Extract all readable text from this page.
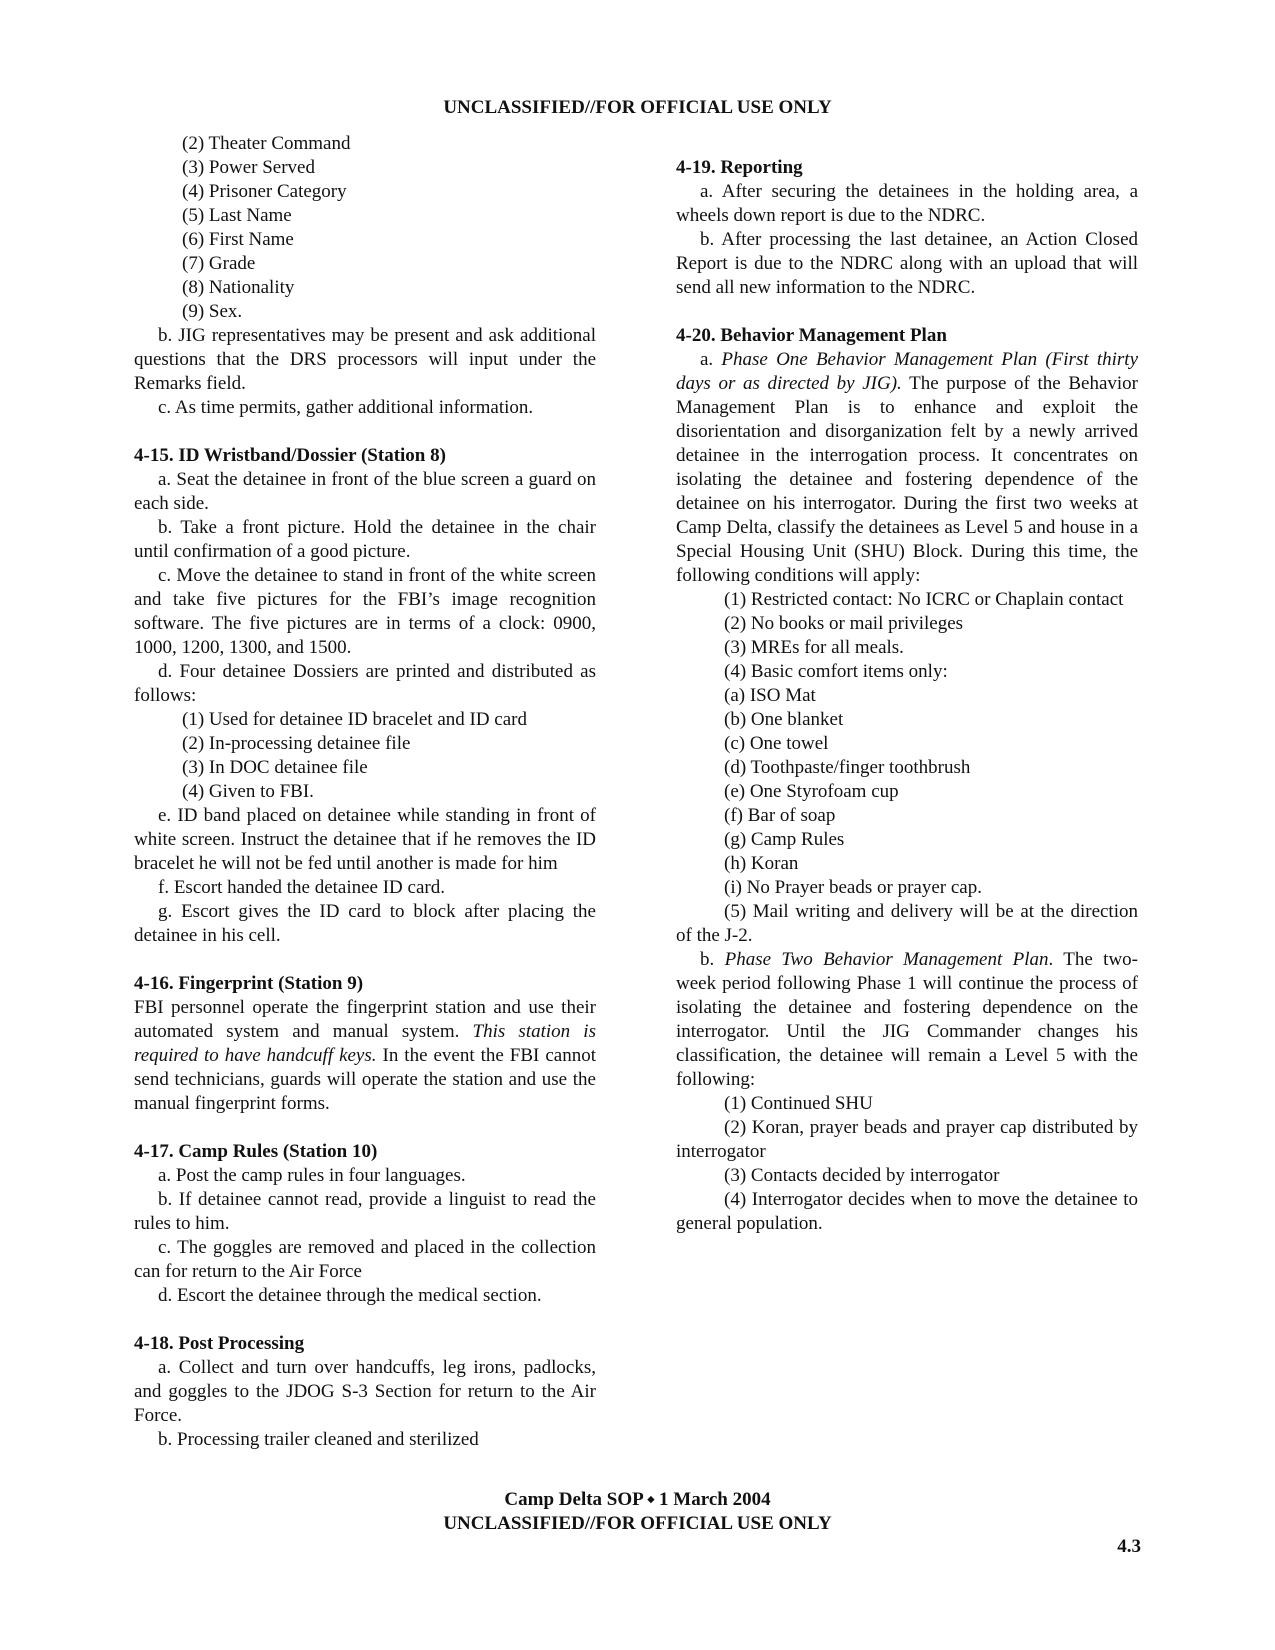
UNCLASSIFIED//FOR OFFICIAL USE ONLY

(2) Theater Command

(3) Power Served

(4) Prisoner Category

(5) Last Name

(6) First Name

(7) Grade

(8) Nationality

(9) Sex.

b. JIG representatives may be present and ask additional questions that the DRS processors will input under the Remarks field.

c. As time permits, gather additional information.

4-15. ID Wristband/Dossier (Station 8)

a. Seat the detainee in front of the blue screen a guard on each side.

b. Take a front picture. Hold the detainee in the chair until confirmation of a good picture.

c. Move the detainee to stand in front of the white screen and take five pictures for the FBI’s image recognition software. The five pictures are in terms of a clock: 0900, 1000, 1200, 1300, and 1500.

d. Four detainee Dossiers are printed and distributed as follows:

(1) Used for detainee ID bracelet and ID card

(2) In-processing detainee file

(3) In DOC detainee file

(4) Given to FBI.

e. ID band placed on detainee while standing in front of white screen. Instruct the detainee that if he removes the ID bracelet he will not be fed until another is made for him

f. Escort handed the detainee ID card.

g. Escort gives the ID card to block after placing the detainee in his cell.

4-16. Fingerprint (Station 9)

FBI personnel operate the fingerprint station and use their automated system and manual system. This station is required to have handcuff keys. In the event the FBI cannot send technicians, guards will operate the station and use the manual fingerprint forms.

4-17. Camp Rules (Station 10)

a. Post the camp rules in four languages.

b. If detainee cannot read, provide a linguist to read the rules to him.

c. The goggles are removed and placed in the collection can for return to the Air Force

d. Escort the detainee through the medical section.

4-18. Post Processing

a. Collect and turn over handcuffs, leg irons, padlocks, and goggles to the JDOG S-3 Section for return to the Air Force.

b. Processing trailer cleaned and sterilized

4-19. Reporting

a. After securing the detainees in the holding area, a wheels down report is due to the NDRC.

b. After processing the last detainee, an Action Closed Report is due to the NDRC along with an upload that will send all new information to the NDRC.

4-20. Behavior Management Plan

a. Phase One Behavior Management Plan (First thirty days or as directed by JIG). The purpose of the Behavior Management Plan is to enhance and exploit the disorientation and disorganization felt by a newly arrived detainee in the interrogation process. It concentrates on isolating the detainee and fostering dependence of the detainee on his interrogator. During the first two weeks at Camp Delta, classify the detainees as Level 5 and house in a Special Housing Unit (SHU) Block. During this time, the following conditions will apply:

(1) Restricted contact: No ICRC or Chaplain contact

(2) No books or mail privileges

(3) MREs for all meals.

(4) Basic comfort items only:

(a) ISO Mat

(b) One blanket

(c) One towel

(d) Toothpaste/finger toothbrush

(e) One Styrofoam cup

(f) Bar of soap

(g) Camp Rules

(h) Koran

(i) No Prayer beads or prayer cap.

(5) Mail writing and delivery will be at the direction of the J-2.

b. Phase Two Behavior Management Plan. The two-week period following Phase 1 will continue the process of isolating the detainee and fostering dependence on the interrogator. Until the JIG Commander changes his classification, the detainee will remain a Level 5 with the following:

(1) Continued SHU

(2) Koran, prayer beads and prayer cap distributed by interrogator

(3) Contacts decided by interrogator

(4) Interrogator decides when to move the detainee to general population.

Camp Delta SOP ⬩ 1 March 2004
UNCLASSIFIED//FOR OFFICIAL USE ONLY
4.3
